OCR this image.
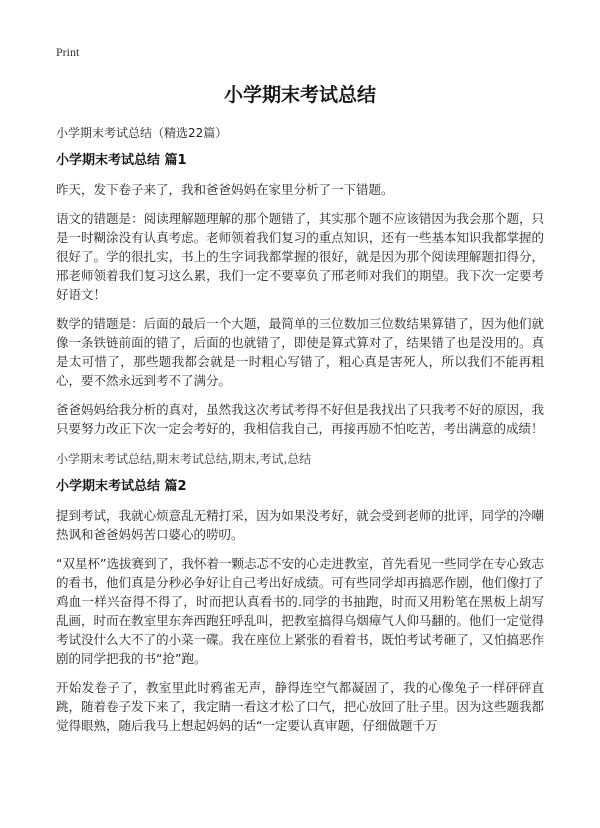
Print
小学期末考试总结

小学期末考试总结（精选22篇）

小学期末考试总结 篇1

昨天，发下卷子来了，我和爸爸妈妈在家里分析了一下错题。

语文的错题是：阅读理解题理解的那个题错了，其实那个题不应该错因为我会那个题，只是一时糊涂没有认真考虑。老师领着我们复习的重点知识，还有一些基本知识我都掌握的很好了。学的很扎实，书上的生字词我都掌握的很好，就是因为那个阅读理解题扣得分，邢老师领着我们复习这么累，我们一定不要辜负了邢老师对我们的期望。我下次一定要考好语文！

数学的错题是：后面的最后一个大题，最简单的三位数加三位数结果算错了，因为他们就像一条铁链前面的错了，后面的也就错了，即使是算式算对了，结果错了也是没用的。真是太可惜了，那些题我都会就是一时粗心写错了，粗心真是害死人，所以我们不能再粗心，要不然永远到考不了满分。

爸爸妈妈给我分析的真对，虽然我这次考试考得不好但是我找出了只我考不好的原因，我只要努力改正下次一定会考好的，我相信我自己，再接再励不怕吃苦，考出满意的成绩！

小学期末考试总结,期末考试总结,期末,考试,总结

小学期末考试总结 篇2

提到考试，我就心烦意乱无精打采，因为如果没考好，就会受到老师的批评，同学的冷嘲热讽和爸爸妈妈苦口婆心的唠叨。

“双星杯”选拔赛到了，我怀着一颗忐忑不安的心走进教室，首先看见一些同学在专心致志的看书，他们真是分秒必争好让自己考出好成绩。可有些同学却再搞恶作剧，他们像打了鸡血一样兴奋得不得了，时而把认真看书的.同学的书抽跑，时而又用粉笔在黑板上胡写乱画，时而在教室里东奔西跑狂呼乱叫，把教室搞得乌烟瘴气人仰马翻的。他们一定觉得考试没什么大不了的小菜一碟。我在座位上紧张的看着书，既怕考试考砸了，又怕搞恶作剧的同学把我的书“抢”跑。

开始发卷子了，教室里此时鸦雀无声，静得连空气都凝固了，我的心像兔子一样砰砰直跳，随着卷子发下来了，我定睛一看这才松了口气，把心放回了肚子里。因为这些题我都觉得眼熟，随后我马上想起妈妈的话“一定要认真审题，仔细做题千万
